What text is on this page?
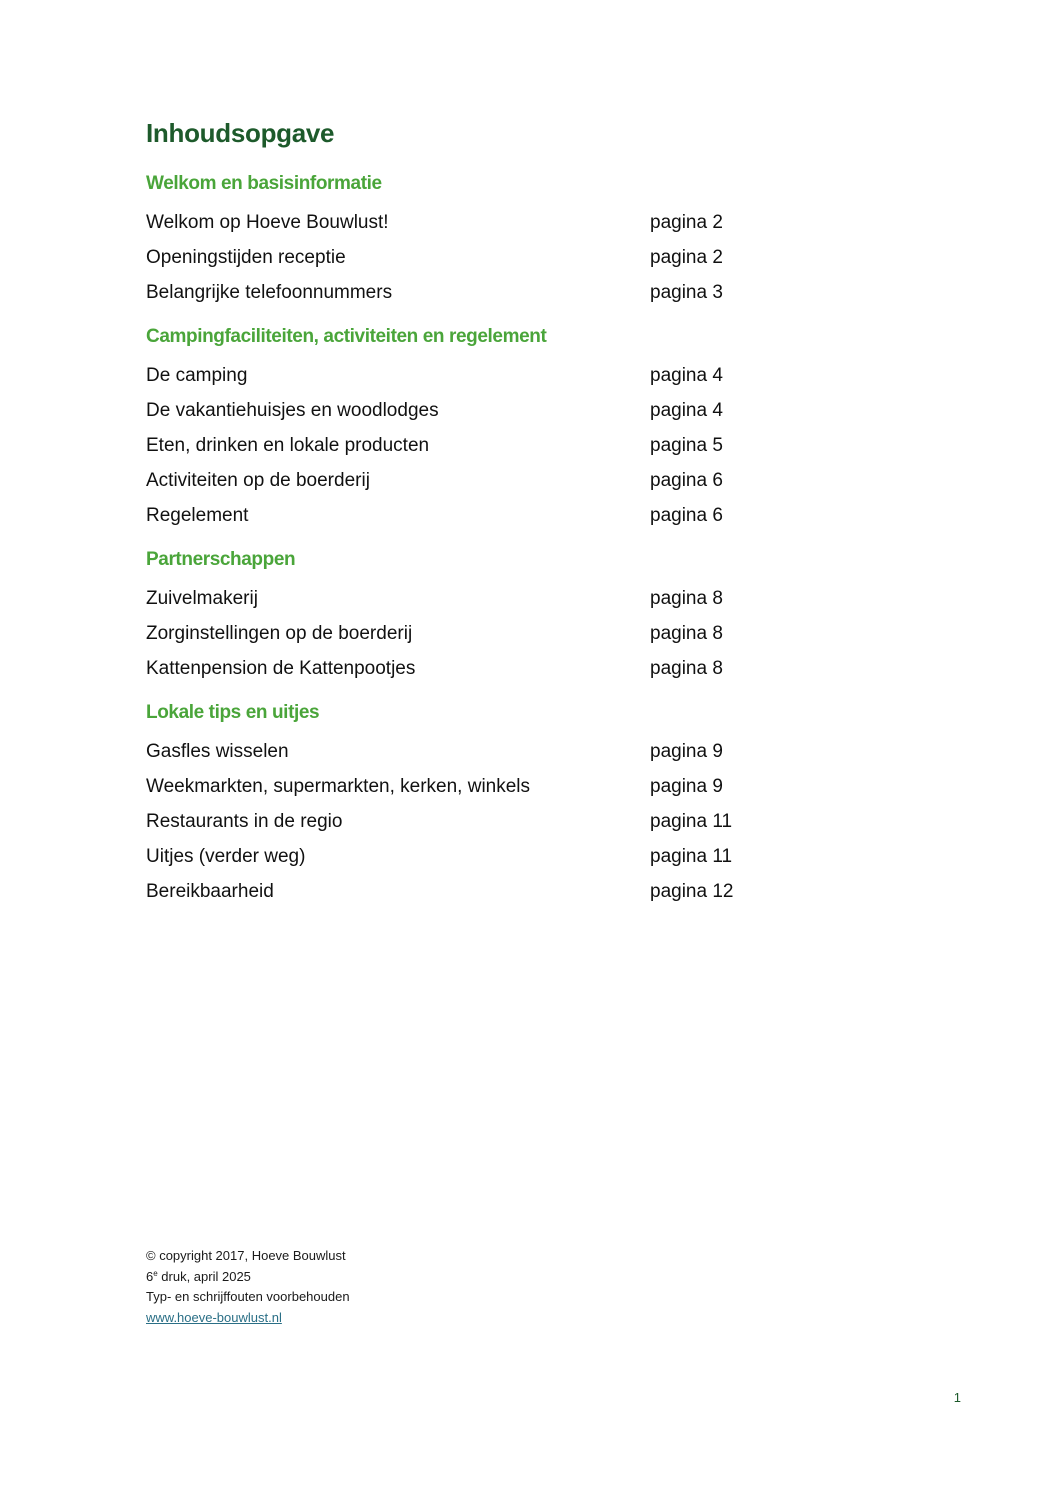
Inhoudsopgave
Welkom en basisinformatie
Welkom op Hoeve Bouwlust!	pagina 2
Openingstijden receptie	pagina 2
Belangrijke telefoonnummers	pagina 3
Campingfaciliteiten, activiteiten en regelement
De camping	pagina 4
De vakantiehuisjes en woodlodges	pagina 4
Eten, drinken en lokale producten	pagina 5
Activiteiten op de boerderij	pagina 6
Regelement	pagina 6
Partnerschappen
Zuivelmakerij	pagina 8
Zorginstellingen op de boerderij	pagina 8
Kattenpension de Kattenpootjes	pagina 8
Lokale tips en uitjes
Gasfles wisselen	pagina 9
Weekmarkten, supermarkten, kerken, winkels	pagina 9
Restaurants in de regio	pagina 11
Uitjes (verder weg)	pagina 11
Bereikbaarheid	pagina 12
© copyright 2017, Hoeve Bouwlust
6e druk, april 2025
Typ- en schrijffouten voorbehouden
www.hoeve-bouwlust.nl
1
